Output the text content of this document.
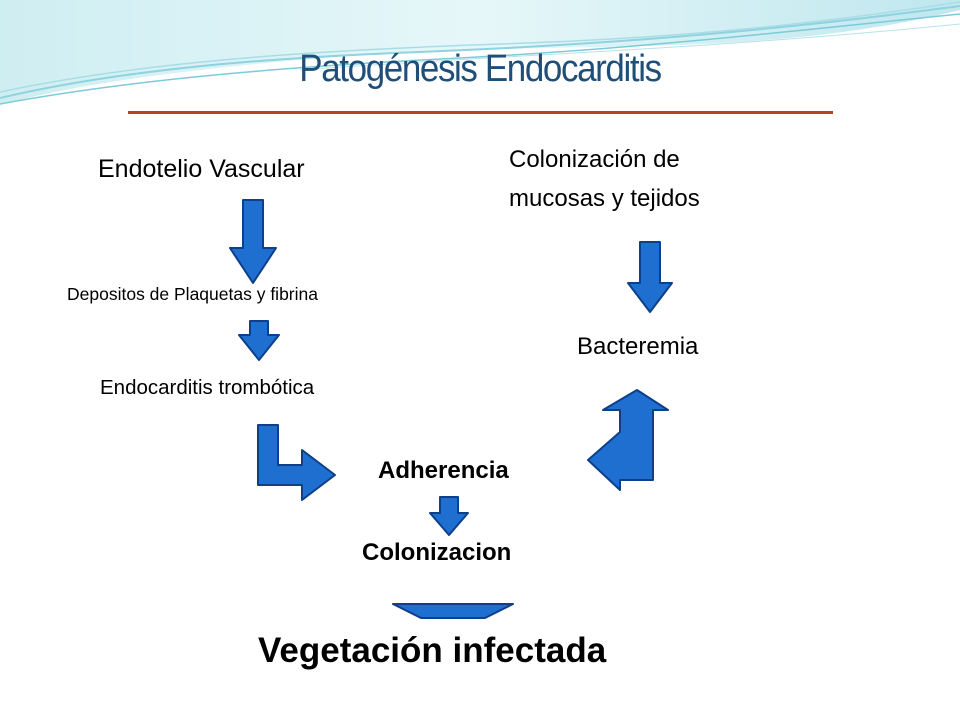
Patogénesis Endocarditis
Endotelio Vascular
Depositos de Plaquetas y fibrina
Endocarditis trombótica
Colonización de
mucosas y tejidos
Bacteremia
Adherencia
Colonizacion
Vegetación infectada
